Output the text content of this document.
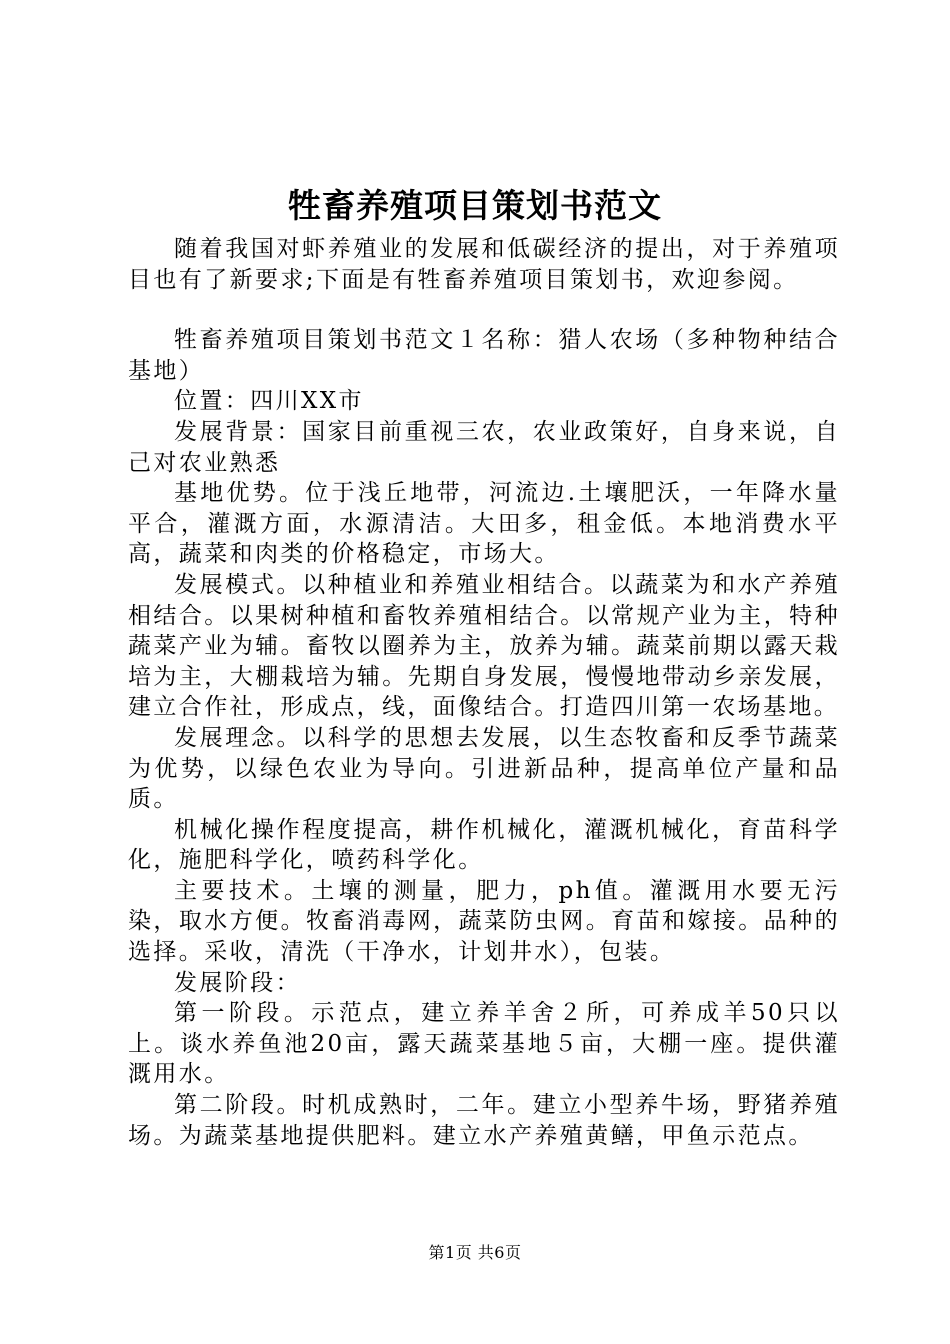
牲畜养殖项目策划书范文

随着我国对虾养殖业的发展和低碳经济的提出，对于养殖项目也有了新要求;下面是有牲畜养殖项目策划书，欢迎参阅。

牲畜养殖项目策划书范文１名称：猎人农场（多种物种结合基地）

位置：四川XX市

发展背景：国家目前重视三农，农业政策好，自身来说，自己对农业熟悉

基地优势。位于浅丘地带，河流边.土壤肥沃，一年降水量平合，灌溉方面，水源清洁。大田多，租金低。本地消费水平高，蔬菜和肉类的价格稳定，市场大。

发展模式。以种植业和养殖业相结合。以蔬菜为和水产养殖相结合。以果树种植和畜牧养殖相结合。以常规产业为主，特种蔬菜产业为辅。畜牧以圈养为主，放养为辅。蔬菜前期以露天栽培为主，大棚栽培为辅。先期自身发展，慢慢地带动乡亲发展，建立合作社，形成点，线，面像结合。打造四川第一农场基地。

发展理念。以科学的思想去发展，以生态牧畜和反季节蔬菜为优势，以绿色农业为导向。引进新品种，提高单位产量和品质。

机械化操作程度提高，耕作机械化，灌溉机械化，育苗科学化，施肥科学化，喷药科学化。

主要技术。土壤的测量，肥力，ph值。灌溉用水要无污染，取水方便。牧畜消毒网，蔬菜防虫网。育苗和嫁接。品种的选择。采收，清洗（干净水，计划井水），包装。

发展阶段：

第一阶段。示范点，建立养羊舍２所，可养成羊50只以上。谈水养鱼池20亩，露天蔬菜基地５亩，大棚一座。提供灌溉用水。

第二阶段。时机成熟时，二年。建立小型养牛场，野猪养殖场。为蔬菜基地提供肥料。建立水产养殖黄鳝，甲鱼示范点。

第1页 共6页
